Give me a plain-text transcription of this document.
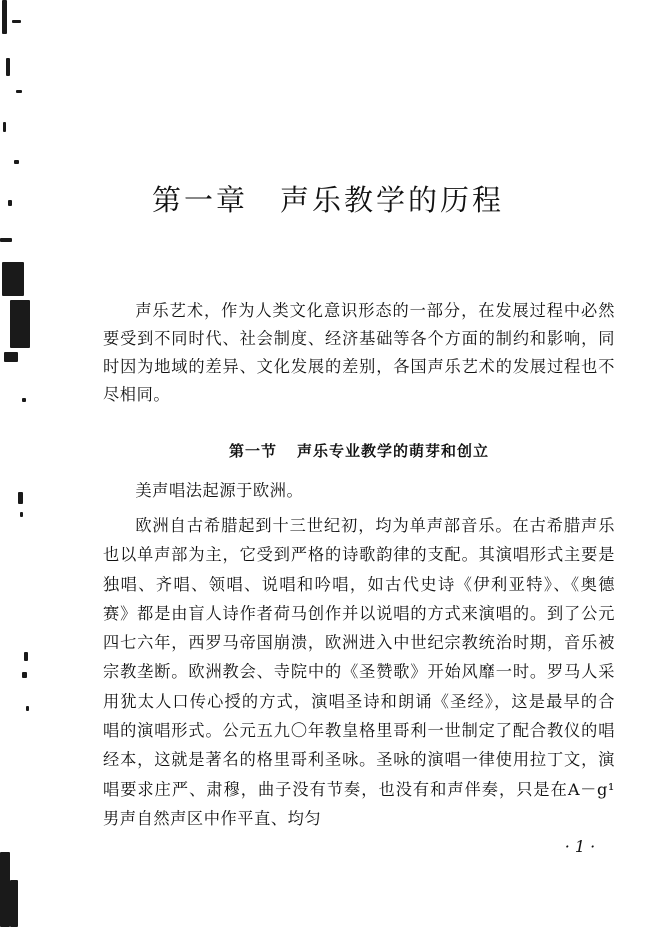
第一章 声乐教学的历程

声乐艺术，作为人类文化意识形态的一部分，在发展过程中必然要受到不同时代、社会制度、经济基础等各个方面的制约和影响，同时因为地域的差异、文化发展的差别，各国声乐艺术的发展过程也不尽相同。

第一节 声乐专业教学的萌芽和创立

美声唱法起源于欧洲。

欧洲自古希腊起到十三世纪初，均为单声部音乐。在古希腊声乐也以单声部为主，它受到严格的诗歌韵律的支配。其演唱形式主要是独唱、齐唱、领唱、说唱和吟唱，如古代史诗《伊利亚特》、《奥德赛》都是由盲人诗作者荷马创作并以说唱的方式来演唱的。到了公元四七六年，西罗马帝国崩溃，欧洲进入中世纪宗教统治时期，音乐被宗教垄断。欧洲教会、寺院中的《圣赞歌》开始风靡一时。罗马人采用犹太人口传心授的方式，演唱圣诗和朗诵《圣经》，这是最早的合唱的演唱形式。公元五九〇年教皇格里哥利一世制定了配合教仪的唱经本，这就是著名的格里哥利圣咏。圣咏的演唱一律使用拉丁文，演唱要求庄严、肃穆，曲子没有节奏，也没有和声伴奏，只是在A－g¹男声自然声区中作平直、均匀

· 1 ·
